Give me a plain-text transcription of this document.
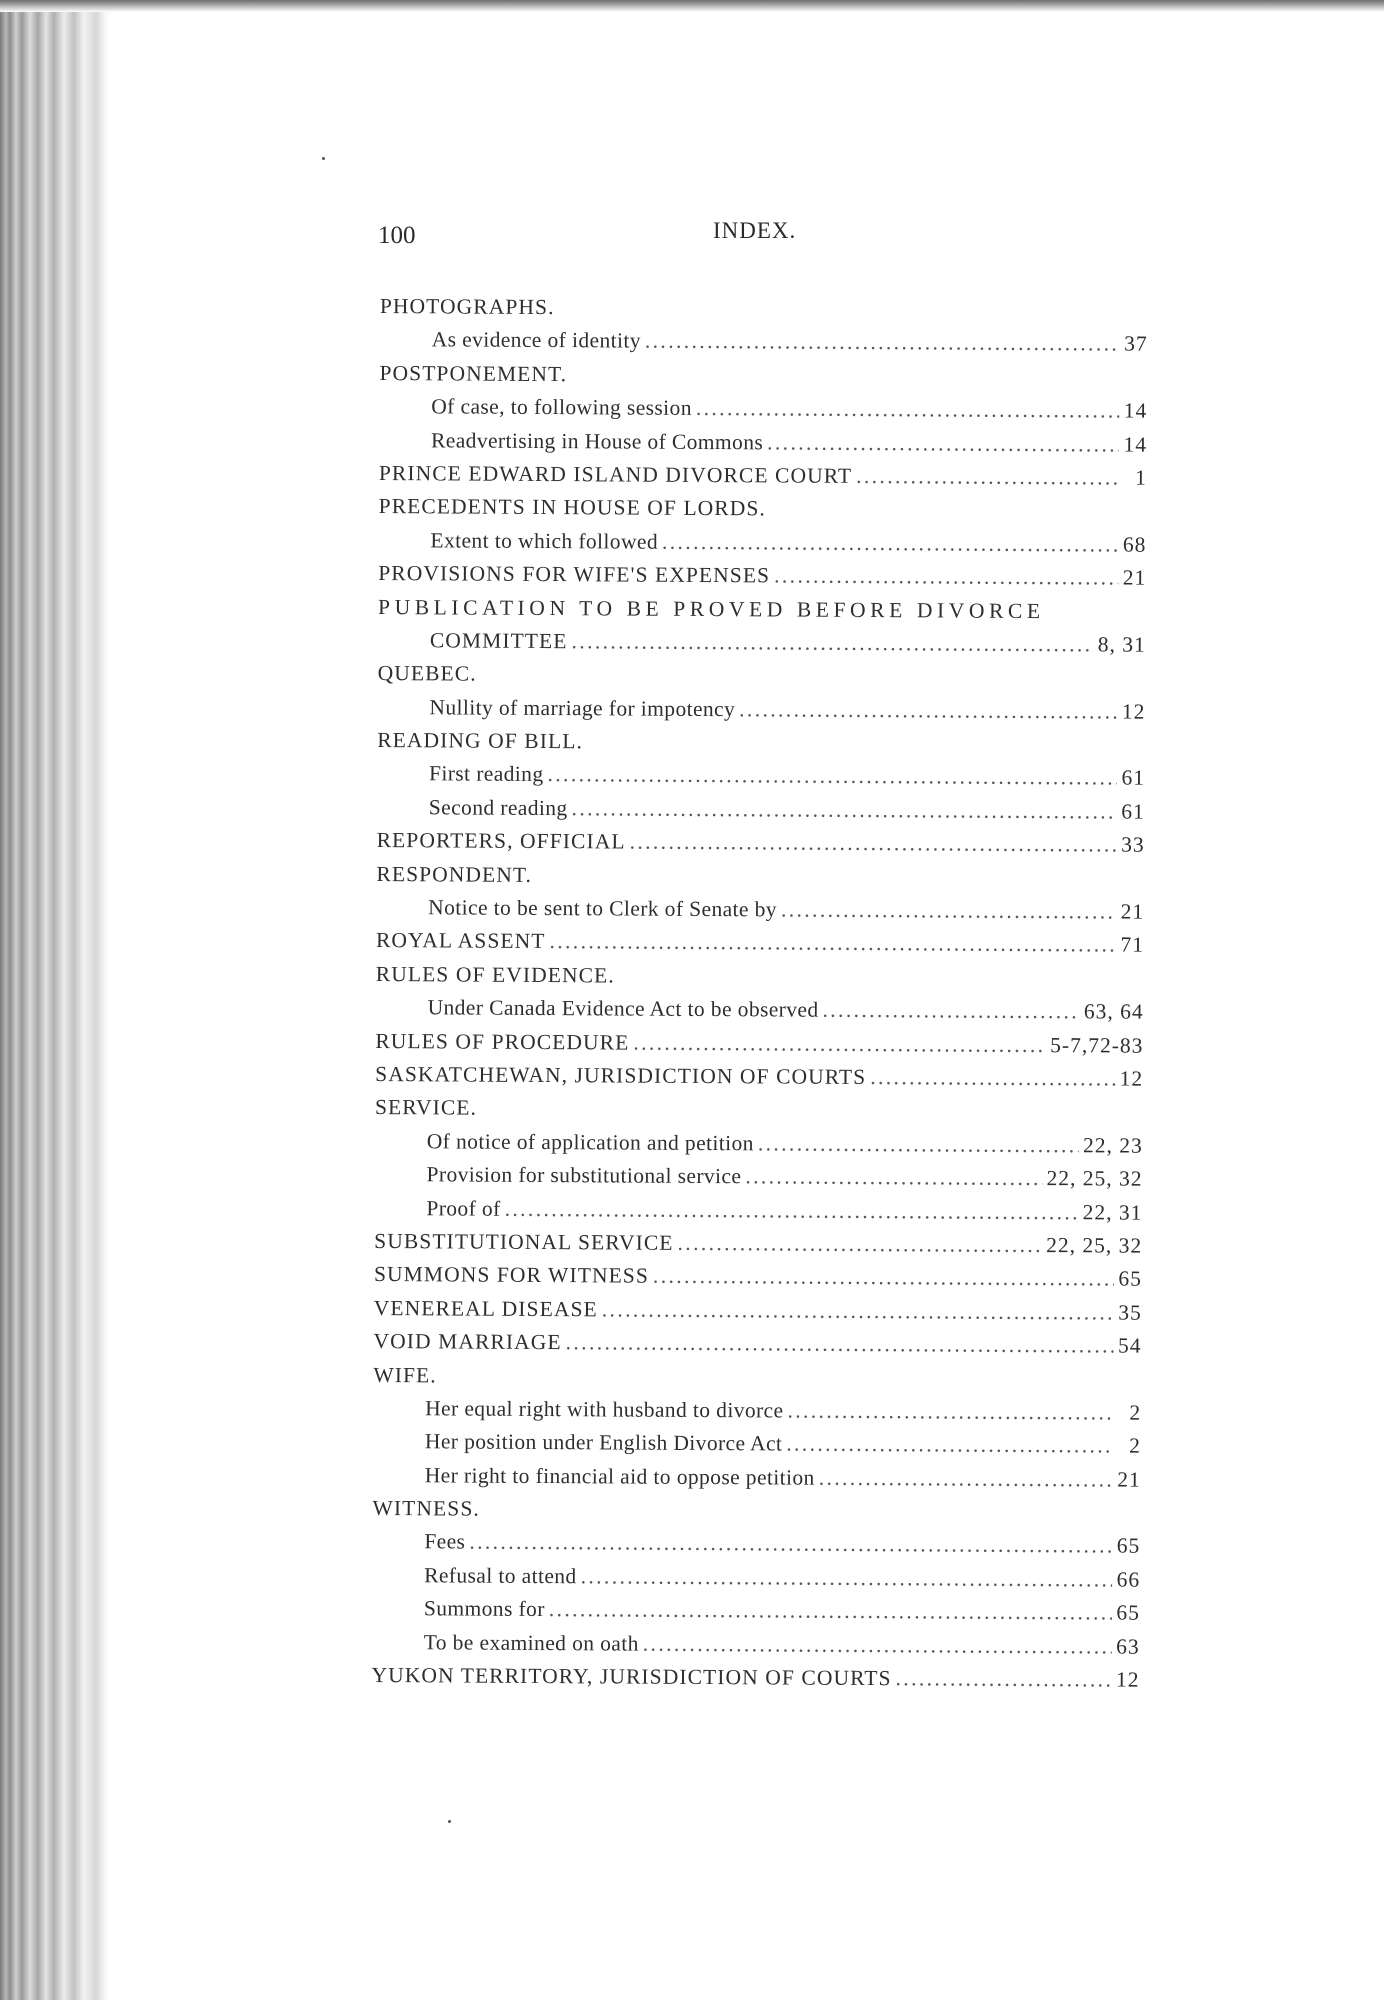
100	INDEX.
PHOTOGRAPHS.
As evidence of identity .....	37
POSTPONEMENT.
Of case, to following session .....	14
Readvertising in House of Commons .....	14
PRINCE EDWARD ISLAND DIVORCE COURT .....	1
PRECEDENTS IN HOUSE OF LORDS.
Extent to which followed .....	68
PROVISIONS FOR WIFE'S EXPENSES .....	21
PUBLICATION TO BE PROVED BEFORE DIVORCE
COMMITTEE .....	8, 31
QUEBEC.
Nullity of marriage for impotency .....	12
READING OF BILL.
First reading .....	61
Second reading .....	61
REPORTERS, OFFICIAL .....	33
RESPONDENT.
Notice to be sent to Clerk of Senate by .....	21
ROYAL ASSENT .....	71
RULES OF EVIDENCE.
Under Canada Evidence Act to be observed .....	63, 64
RULES OF PROCEDURE .....	5-7,72-83
SASKATCHEWAN, JURISDICTION OF COURTS .....	12
SERVICE.
Of notice of application and petition .....	22, 23
Provision for substitutional service .....	22, 25, 32
Proof of .....	22, 31
SUBSTITUTIONAL SERVICE .....	22, 25, 32
SUMMONS FOR WITNESS .....	65
VENEREAL DISEASE .....	35
VOID MARRIAGE .....	54
WIFE.
Her equal right with husband to divorce .....	2
Her position under English Divorce Act .....	2
Her right to financial aid to oppose petition .....	21
WITNESS.
Fees .....	65
Refusal to attend .....	66
Summons for .....	65
To be examined on oath .....	63
YUKON TERRITORY, JURISDICTION OF COURTS .....	12
